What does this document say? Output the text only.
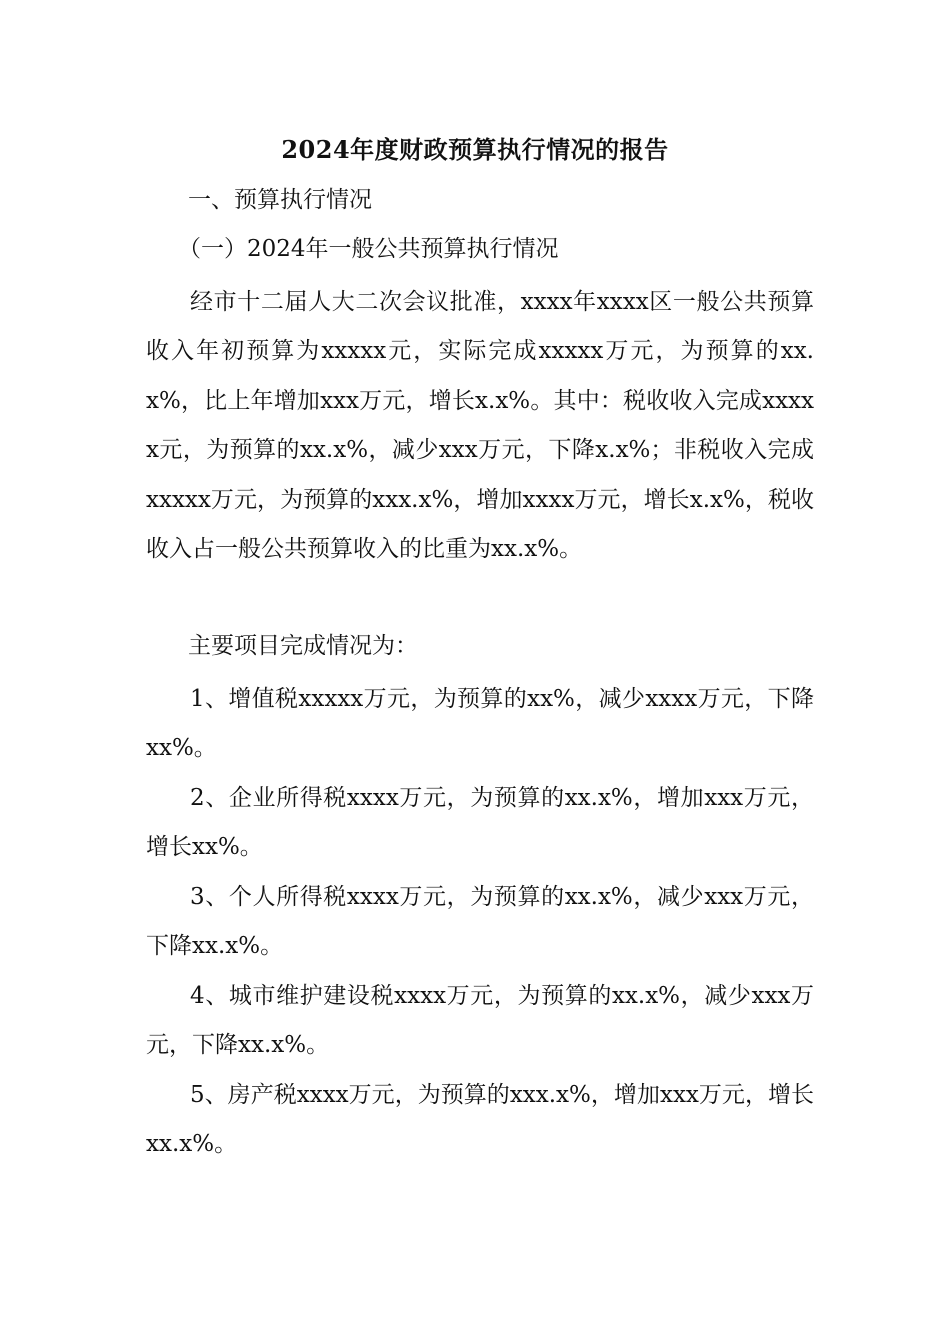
2024年度财政预算执行情况的报告
一、预算执行情况
（一）2024年一般公共预算执行情况
经市十二届人大二次会议批准，xxxx年xxxx区一般公共预算收入年初预算为xxxxx元，实际完成xxxxx万元，为预算的xx.x%，比上年增加xxx万元，增长x.x%。其中：税收收入完成xxxxx元，为预算的xx.x%，减少xxx万元，下降x.x%；非税收入完成xxxxx万元，为预算的xxx.x%，增加xxxx万元，增长x.x%，税收收入占一般公共预算收入的比重为xx.x%。
主要项目完成情况为：
1、增值税xxxxx万元，为预算的xx%，减少xxxx万元，下降xx%。
2、企业所得税xxxx万元，为预算的xx.x%，增加xxx万元，增长xx%。
3、个人所得税xxxx万元，为预算的xx.x%，减少xxx万元，下降xx.x%。
4、城市维护建设税xxxx万元，为预算的xx.x%，减少xxx万元，下降xx.x%。
5、房产税xxxx万元，为预算的xxx.x%，增加xxx万元，增长xx.x%。
